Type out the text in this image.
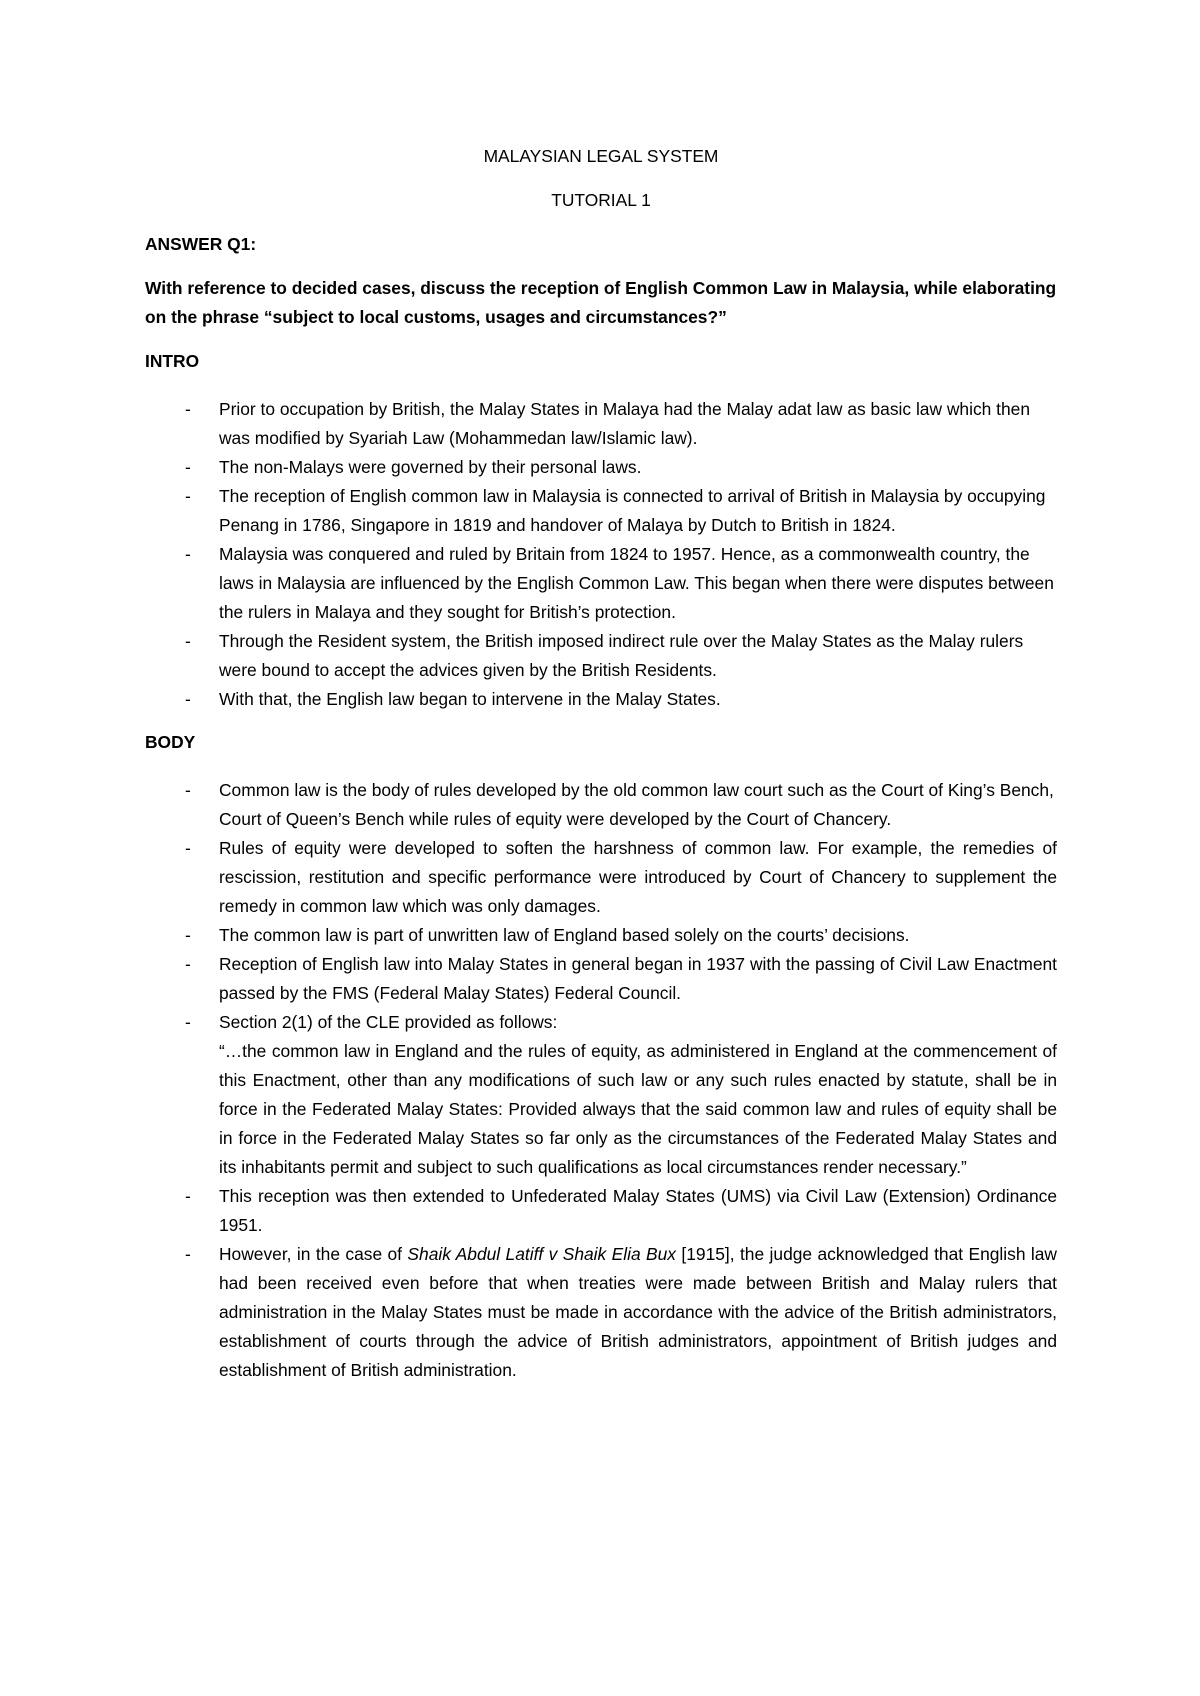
MALAYSIAN LEGAL SYSTEM
TUTORIAL 1
ANSWER Q1:
With reference to decided cases, discuss the reception of English Common Law in Malaysia, while elaborating on the phrase “subject to local customs, usages and circumstances?”
INTRO
- Prior to occupation by British, the Malay States in Malaya had the Malay adat law as basic law which then was modified by Syariah Law (Mohammedan law/Islamic law).
- The non-Malays were governed by their personal laws.
- The reception of English common law in Malaysia is connected to arrival of British in Malaysia by occupying Penang in 1786, Singapore in 1819 and handover of Malaya by Dutch to British in 1824.
- Malaysia was conquered and ruled by Britain from 1824 to 1957. Hence, as a commonwealth country, the laws in Malaysia are influenced by the English Common Law. This began when there were disputes between the rulers in Malaya and they sought for British’s protection.
- Through the Resident system, the British imposed indirect rule over the Malay States as the Malay rulers were bound to accept the advices given by the British Residents.
- With that, the English law began to intervene in the Malay States.
BODY
- Common law is the body of rules developed by the old common law court such as the Court of King’s Bench, Court of Queen’s Bench while rules of equity were developed by the Court of Chancery.
- Rules of equity were developed to soften the harshness of common law. For example, the remedies of rescission, restitution and specific performance were introduced by Court of Chancery to supplement the remedy in common law which was only damages.
- The common law is part of unwritten law of England based solely on the courts’ decisions.
- Reception of English law into Malay States in general began in 1937 with the passing of Civil Law Enactment passed by the FMS (Federal Malay States) Federal Council.
- Section 2(1) of the CLE provided as follows:
“…the common law in England and the rules of equity, as administered in England at the commencement of this Enactment, other than any modifications of such law or any such rules enacted by statute, shall be in force in the Federated Malay States: Provided always that the said common law and rules of equity shall be in force in the Federated Malay States so far only as the circumstances of the Federated Malay States and its inhabitants permit and subject to such qualifications as local circumstances render necessary.”
- This reception was then extended to Unfederated Malay States (UMS) via Civil Law (Extension) Ordinance 1951.
- However, in the case of Shaik Abdul Latiff v Shaik Elia Bux [1915], the judge acknowledged that English law had been received even before that when treaties were made between British and Malay rulers that administration in the Malay States must be made in accordance with the advice of the British administrators, establishment of courts through the advice of British administrators, appointment of British judges and establishment of British administration.
